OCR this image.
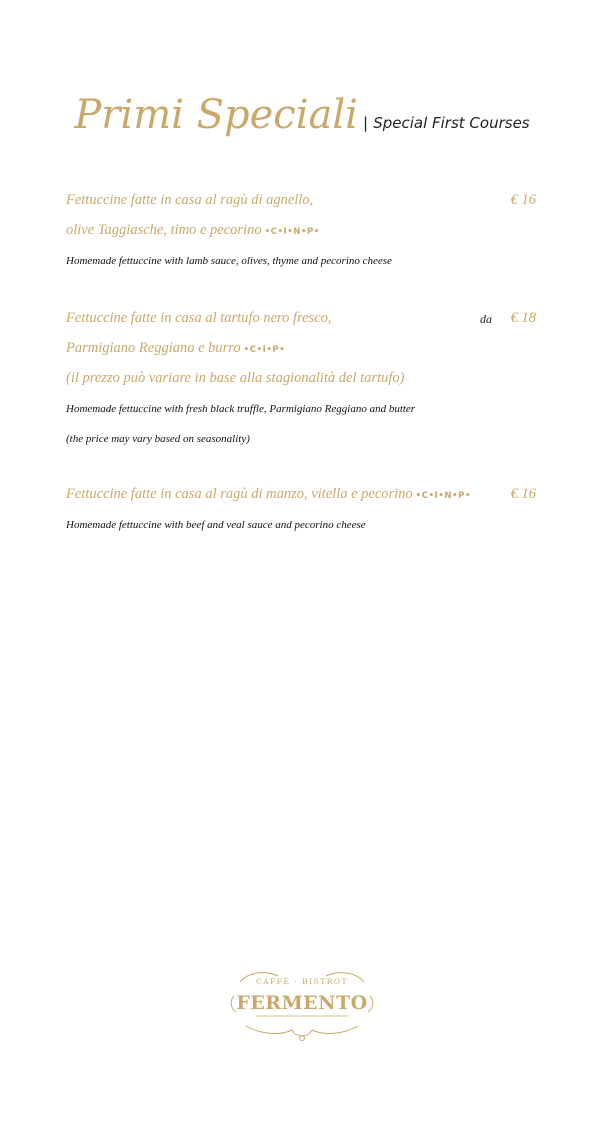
Primi Speciali | Special First Courses
Fettuccine fatte in casa al ragù di agnello,	€ 16
olive Taggiasche, timo e pecorino •C•I•N•P•
Homemade fettuccine with lamb sauce, olives, thyme and pecorino cheese
Fettuccine fatte in casa al tartufo nero fresco,	da € 18
Parmigiano Reggiano e burro •C•I•P•
(il prezzo può variare in base alla stagionalità del tartufo)
Homemade fettuccine with fresh black truffle, Parmigiano Reggiano and butter
(the price may vary based on seasonality)
Fettuccine fatte in casa al ragù di manzo, vitella e pecorino •C•I•N•P•	€ 16
Homemade fettuccine with beef and veal sauce and pecorino cheese
CAFFÈ · BISTROT
FERMENTO
